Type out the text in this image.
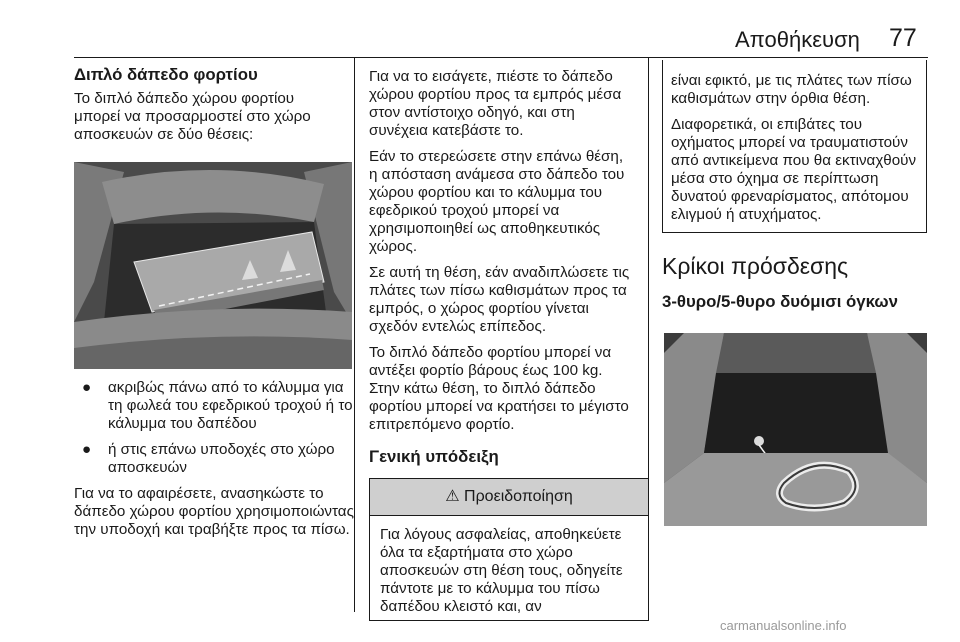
Αποθήκευση 77
Διπλό δάπεδο φορτίου

Το διπλό δάπεδο χώρου φορτίου μπορεί να προσαρμοστεί στο χώρο αποσκευών σε δύο θέσεις:

● ακριβώς πάνω από το κάλυμμα για τη φωλεά του εφεδρικού τροχού ή το κάλυμμα του δαπέδου
● ή στις επάνω υποδοχές στο χώρο αποσκευών

Για να το αφαιρέσετε, ανασηκώστε το δάπεδο χώρου φορτίου χρησιμοποιώντας την υποδοχή και τραβήξτε προς τα πίσω.

Για να το εισάγετε, πιέστε το δάπεδο χώρου φορτίου προς τα εμπρός μέσα στον αντίστοιχο οδηγό, και στη συνέχεια κατεβάστε το.

Εάν το στερεώσετε στην επάνω θέση, η απόσταση ανάμεσα στο δάπεδο του χώρου φορτίου και το κάλυμμα του εφεδρικού τροχού μπορεί να χρησιμοποιηθεί ως αποθηκευτικός χώρος.

Σε αυτή τη θέση, εάν αναδιπλώσετε τις πλάτες των πίσω καθισμάτων προς τα εμπρός, ο χώρος φορτίου γίνεται σχεδόν εντελώς επίπεδος.

Το διπλό δάπεδο φορτίου μπορεί να αντέξει φορτίο βάρους έως 100 kg. Στην κάτω θέση, το διπλό δάπεδο φορτίου μπορεί να κρατήσει το μέγιστο επιτρεπόμενο φορτίο.

Γενική υπόδειξη
⚠ Προειδοποίηση
Για λόγους ασφαλείας, αποθηκεύετε όλα τα εξαρτήματα στο χώρο αποσκευών στη θέση τους, οδηγείτε πάντοτε με το κάλυμμα του πίσω δαπέδου κλειστό και, αν

είναι εφικτό, με τις πλάτες των πίσω καθισμάτων στην όρθια θέση.

Διαφορετικά, οι επιβάτες του οχήματος μπορεί να τραυματιστούν από αντικείμενα που θα εκτιναχθούν μέσα στο όχημα σε περίπτωση δυνατού φρεναρίσματος, απότομου ελιγμού ή ατυχήματος.

Κρίκοι πρόσδεσης
3-θυρο/5-θυρο δυόμισι όγκων
carmanualsonline.info
